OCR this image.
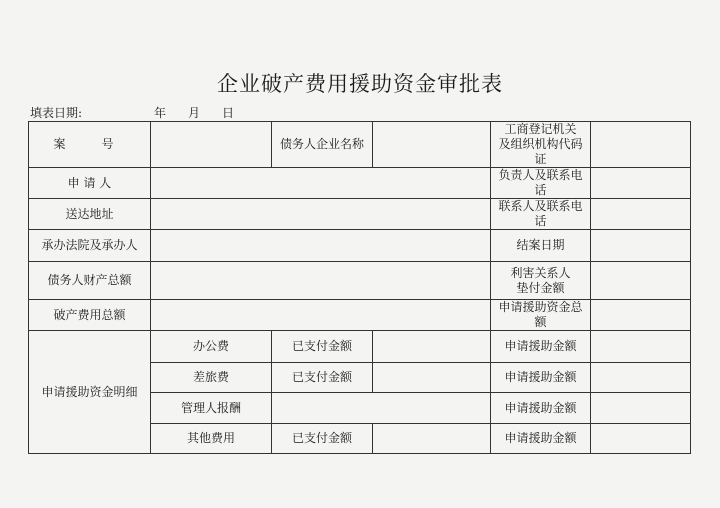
企业破产费用援助资金审批表
填表日期:	年 月 日
案　号		债务人企业名称		工商登记机关
及组织机构代码证	

申 请 人				负责人及联系电话	
送达地址				联系人及联系电话	
承办法院及承办人				结案日期	
债务人财产总额				利害关系人
垫付金额	

破产费用总额				申请援助资金总额	
申请援助资金明细	办公费	已支付金额		申请援助金额	
	差旅费	已支付金额		申请援助金额	
	管理人报酬			申请援助金额	
	其他费用	已支付金额		申请援助金额	
